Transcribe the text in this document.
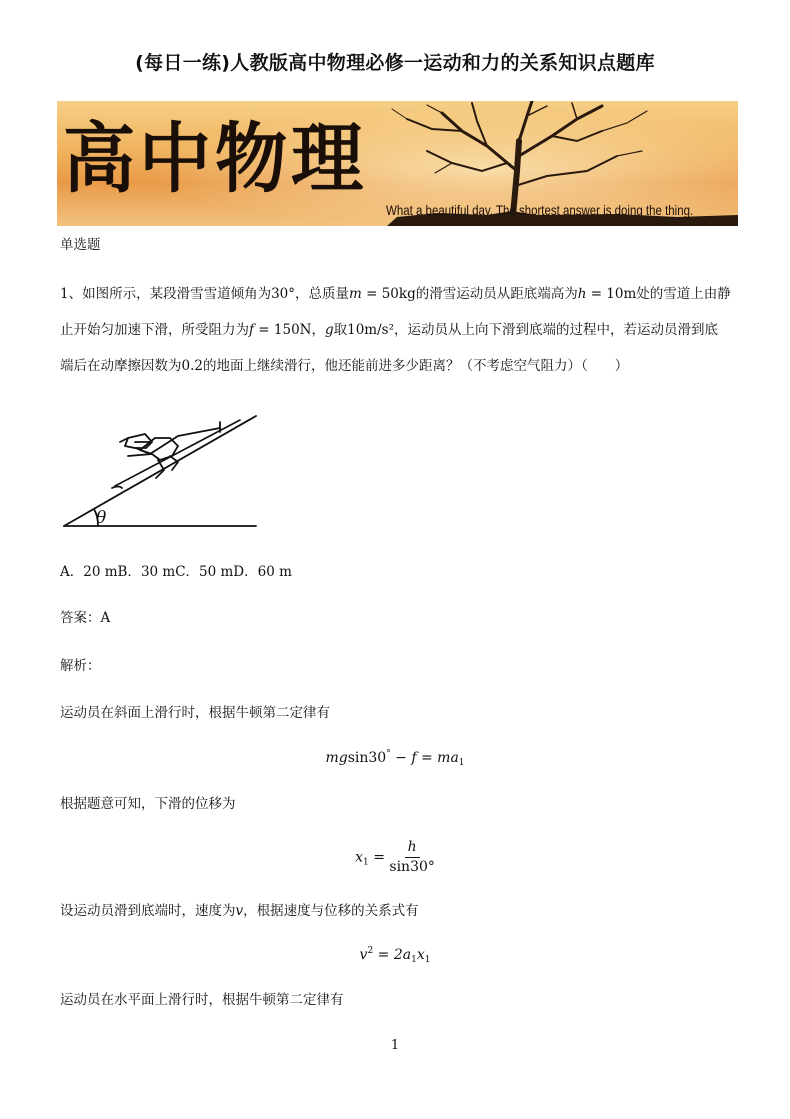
(每日一练)人教版高中物理必修一运动和力的关系知识点题库
高中物理
What a beautiful day. The shortest answer is doing the thing.
单选题
1、如图所示，某段滑雪雪道倾角为30°，总质量𝑚 = 50kg的滑雪运动员从距底端高为ℎ = 10m处的雪道上由静
止开始匀加速下滑，所受阻力为𝑓 = 150N，𝑔取10m/s²，运动员从上向下滑到底端的过程中，若运动员滑到底
端后在动摩擦因数为0.2的地面上继续滑行，他还能前进多少距离？（不考虑空气阻力）（　　）
θ
A．20 mB．30 mC．50 mD．60 m
答案：A
解析：
运动员在斜面上滑行时，根据牛顿第二定律有
$mgsin30^\circ - f = ma_1$
根据题意可知，下滑的位移为
$x_1 = \frac{h}{\sin 30^\circ}$
设运动员滑到底端时，速度为𝑣，根据速度与位移的关系式有
$v^2 = 2a_1x_1$
运动员在水平面上滑行时，根据牛顿第二定律有
1
